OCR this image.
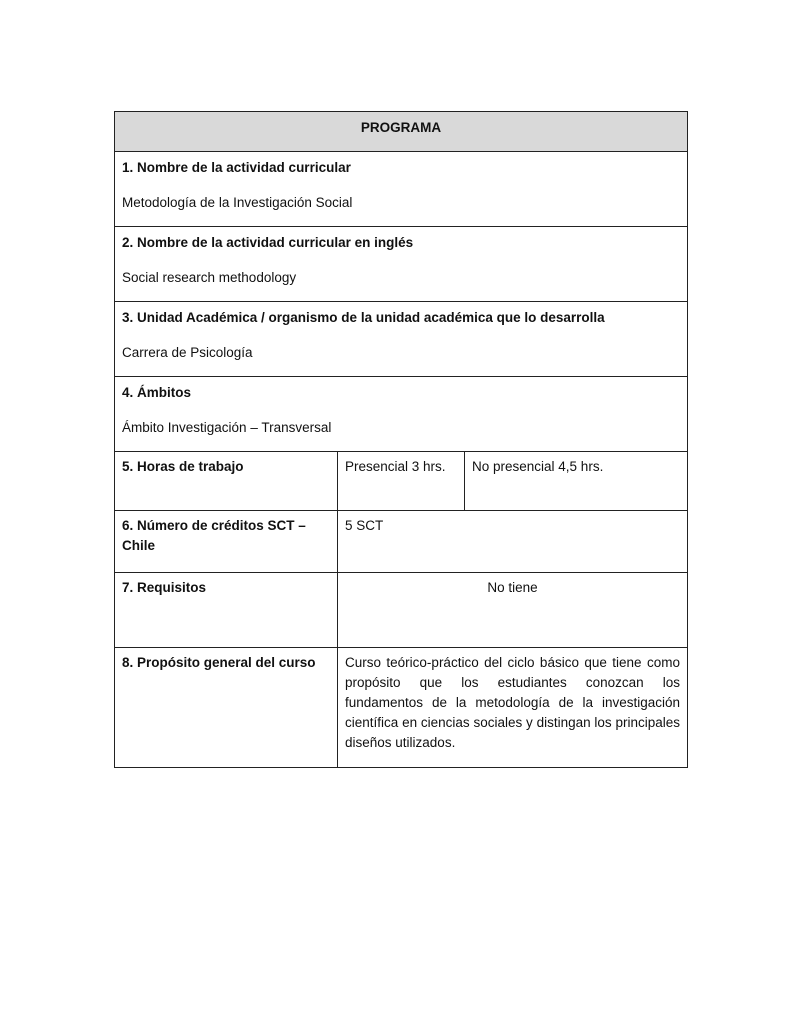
PROGRAMA		

1. Nombre de la actividad curricular
Metodología de la Investigación Social		

2. Nombre de la actividad curricular en inglés
Social research methodology		

3. Unidad Académica / organismo de la unidad académica que lo desarrolla
Carrera de Psicología		

4. Ámbitos
Ámbito Investigación – Transversal		

5. Horas de trabajo	Presencial 3 hrs.	No presencial 4,5 hrs.
6. Número de créditos SCT – Chile	5 SCT	
7. Requisitos	No tiene	
8. Propósito general del curso	Curso teórico-práctico del ciclo básico que tiene como propósito que los estudiantes conozcan los fundamentos de la metodología de la investigación científica en ciencias sociales y distingan los principales diseños utilizados.	
